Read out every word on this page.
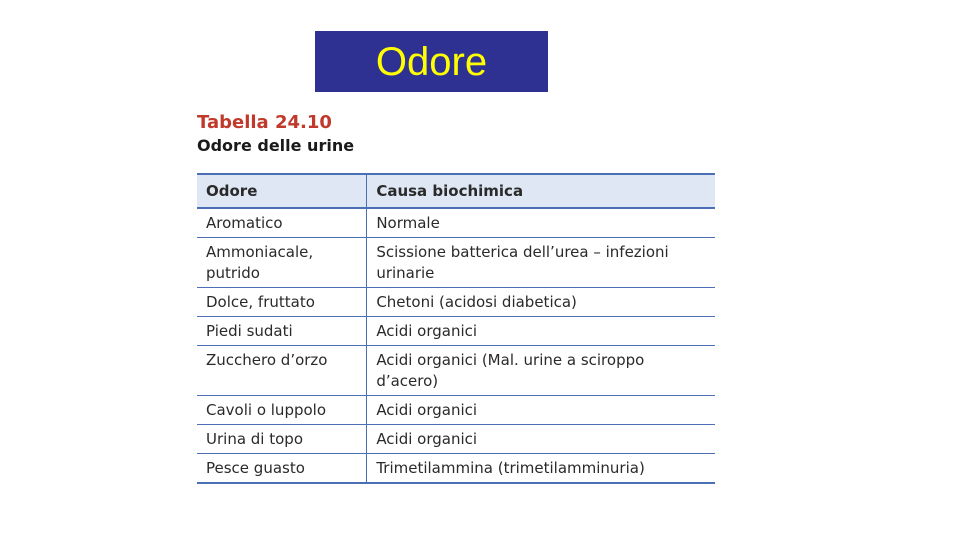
Odore
Tabella 24.10
Odore delle urine
Odore	Causa biochimica
Aromatico	Normale
Ammoniacale, putrido	Scissione batterica dell’urea – infezioni urinarie
Dolce, fruttato	Chetoni (acidosi diabetica)
Piedi sudati	Acidi organici
Zucchero d’orzo	Acidi organici (Mal. urine a sciroppo d’acero)
Cavoli o luppolo	Acidi organici
Urina di topo	Acidi organici
Pesce guasto	Trimetilammina (trimetilamminuria)
